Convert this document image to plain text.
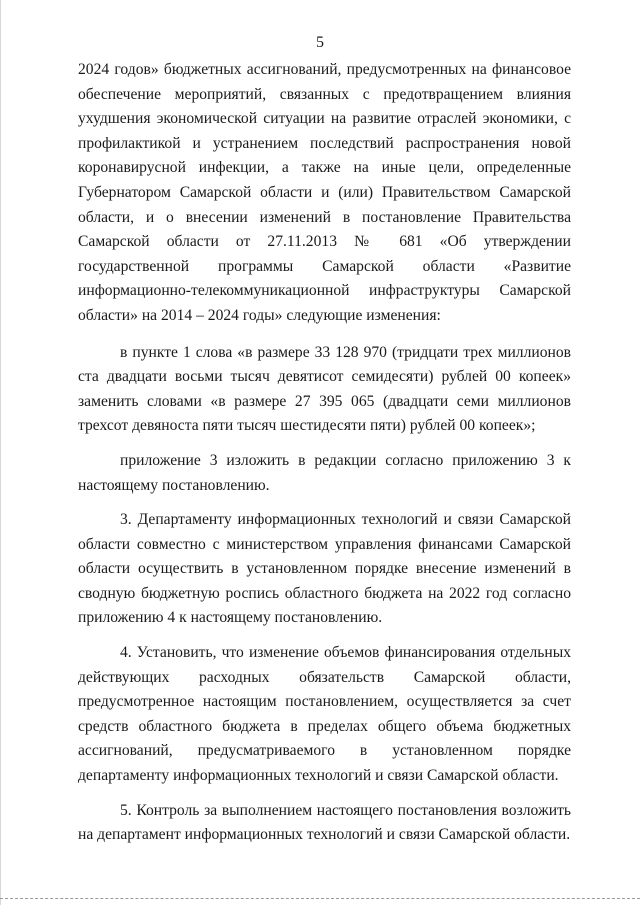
5

2024 годов» бюджетных ассигнований, предусмотренных на финансовое обеспечение мероприятий, связанных с предотвращением влияния ухудшения экономической ситуации на развитие отраслей экономики, с профилактикой и устранением последствий распространения новой коронавирусной инфекции, а также на иные цели, определенные Губернатором Самарской области и (или) Правительством Самарской области, и о внесении изменений в постановление Правительства Самарской области от 27.11.2013 № 681 «Об утверждении государственной программы Самарской области «Развитие информационно-телекоммуникационной инфраструктуры Самарской области» на 2014 – 2024 годы» следующие изменения:

в пункте 1 слова «в размере 33 128 970 (тридцати трех миллионов ста двадцати восьми тысяч девятисот семидесяти) рублей 00 копеек» заменить словами «в размере 27 395 065 (двадцати семи миллионов трехсот девяноста пяти тысяч шестидесяти пяти) рублей 00 копеек»;

приложение 3 изложить в редакции согласно приложению 3 к настоящему постановлению.

3. Департаменту информационных технологий и связи Самарской области совместно с министерством управления финансами Самарской области осуществить в установленном порядке внесение изменений в сводную бюджетную роспись областного бюджета на 2022 год согласно приложению 4 к настоящему постановлению.

4. Установить, что изменение объемов финансирования отдельных действующих расходных обязательств Самарской области, предусмотренное настоящим постановлением, осуществляется за счет средств областного бюджета в пределах общего объема бюджетных ассигнований, предусматриваемого в установленном порядке департаменту информационных технологий и связи Самарской области.

5. Контроль за выполнением настоящего постановления возложить на департамент информационных технологий и связи Самарской области.
